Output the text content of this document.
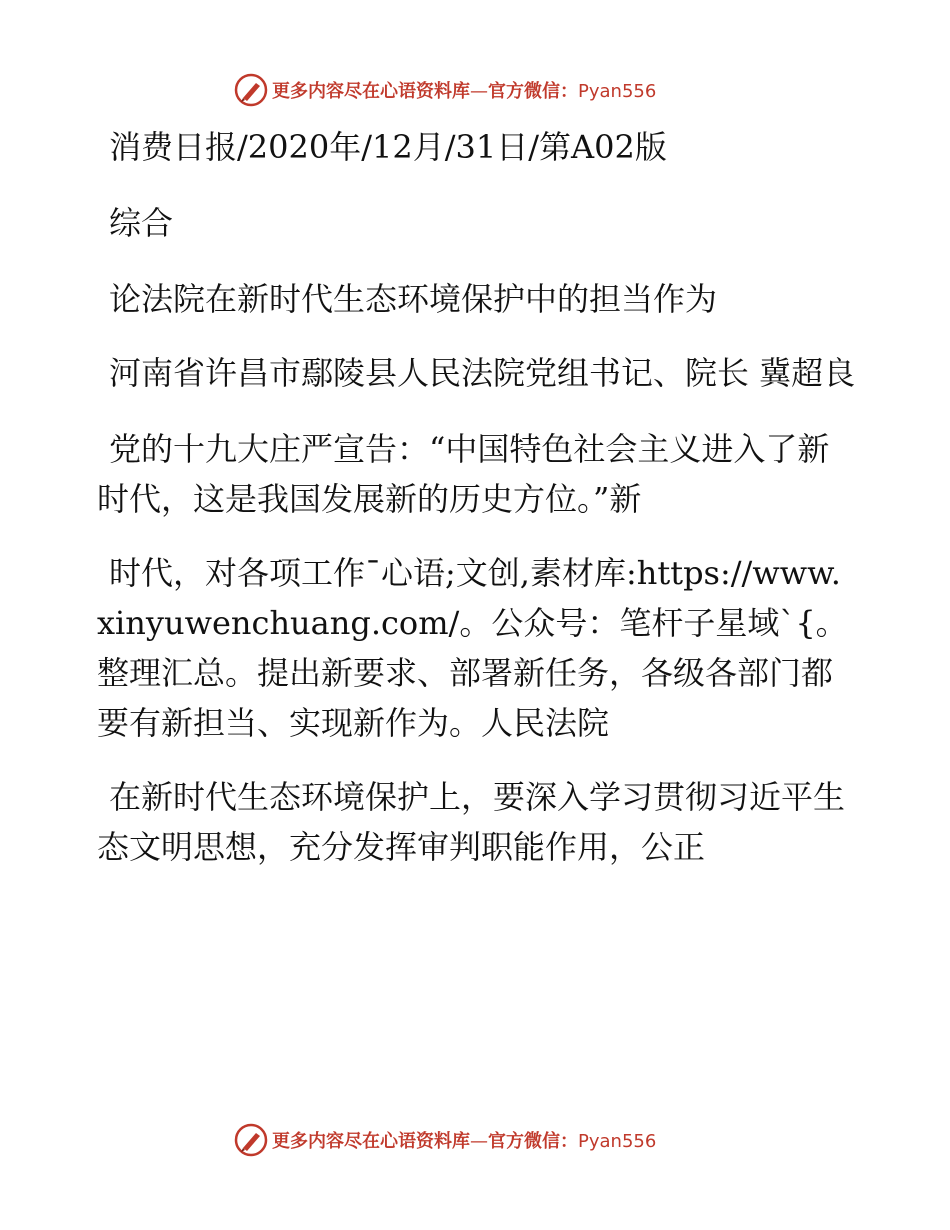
更多内容尽在心语资料库—官方微信：Pyan556

消费日报/2020年/12月/31日/第A02版

综合

论法院在新时代生态环境保护中的担当作为

河南省许昌市鄢陵县人民法院党组书记、院长 冀超良

党的十九大庄严宣告：“中国特色社会主义进入了新时代，这是我国发展新的历史方位。”新

时代，对各项工作¯心语;文创,素材库:https://www.xinyuwenchuang.com/。公众号：笔杆子星域`{。整理汇总。提出新要求、部署新任务，各级各部门都要有新担当、实现新作为。人民法院

在新时代生态环境保护上，要深入学习贯彻习近平生态文明思想，充分发挥审判职能作用，公正

更多内容尽在心语资料库—官方微信：Pyan556
